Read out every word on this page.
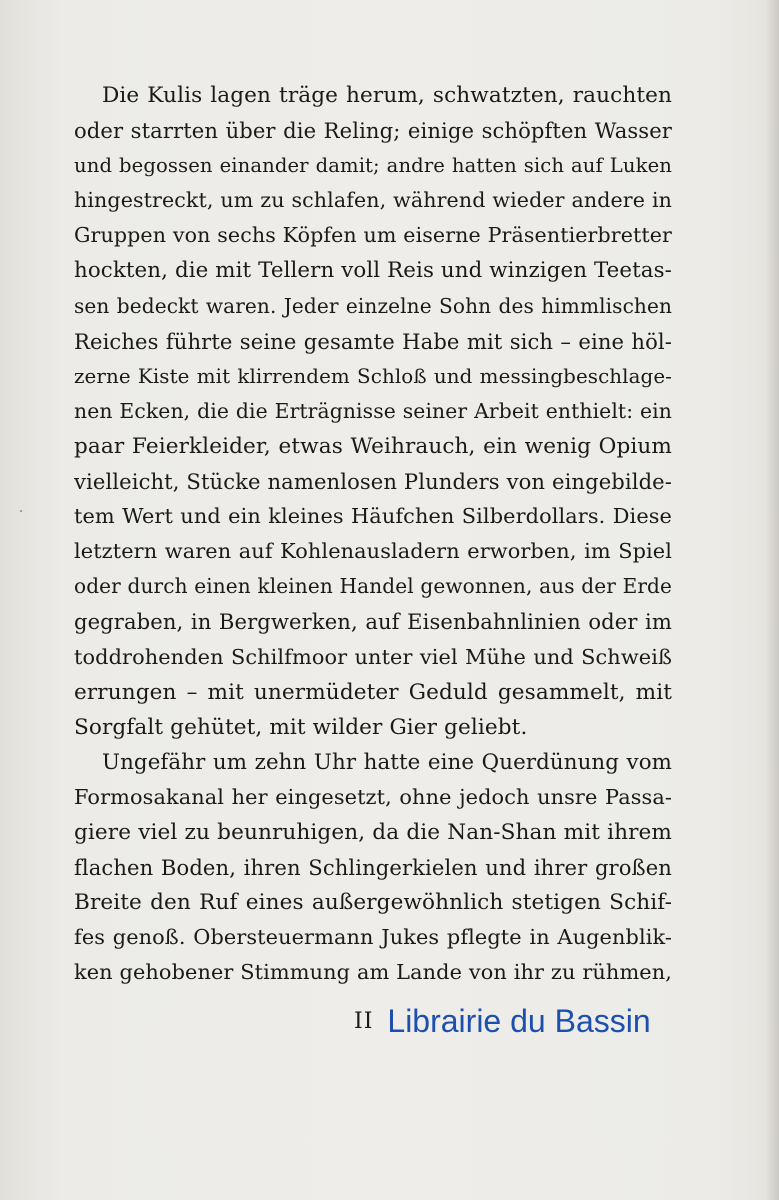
Die Kulis lagen träge herum, schwatzten, rauchten
oder starrten über die Reling; einige schöpften Wasser
und begossen einander damit; andre hatten sich auf Luken
hingestreckt, um zu schlafen, während wieder andere in
Gruppen von sechs Köpfen um eiserne Präsentierbretter
hockten, die mit Tellern voll Reis und winzigen Teetas-
sen bedeckt waren. Jeder einzelne Sohn des himmlischen
Reiches führte seine gesamte Habe mit sich – eine höl-
zerne Kiste mit klirrendem Schloß und messingbeschlage-
nen Ecken, die die Erträgnisse seiner Arbeit enthielt: ein
paar Feierkleider, etwas Weihrauch, ein wenig Opium
vielleicht, Stücke namenlosen Plunders von eingebilde-
tem Wert und ein kleines Häufchen Silberdollars. Diese
letztern waren auf Kohlenausladern erworben, im Spiel
oder durch einen kleinen Handel gewonnen, aus der Erde
gegraben, in Bergwerken, auf Eisenbahnlinien oder im
toddrohenden Schilfmoor unter viel Mühe und Schweiß
errungen – mit unermüdeter Geduld gesammelt, mit
Sorgfalt gehütet, mit wilder Gier geliebt.
Ungefähr um zehn Uhr hatte eine Querdünung vom
Formosakanal her eingesetzt, ohne jedoch unsre Passa-
giere viel zu beunruhigen, da die Nan-Shan mit ihrem
flachen Boden, ihren Schlingerkielen und ihrer großen
Breite den Ruf eines außergewöhnlich stetigen Schif-
fes genoß. Obersteuermann Jukes pflegte in Augenblik-
ken gehobener Stimmung am Lande von ihr zu rühmen,
II Librairie du Bassin
